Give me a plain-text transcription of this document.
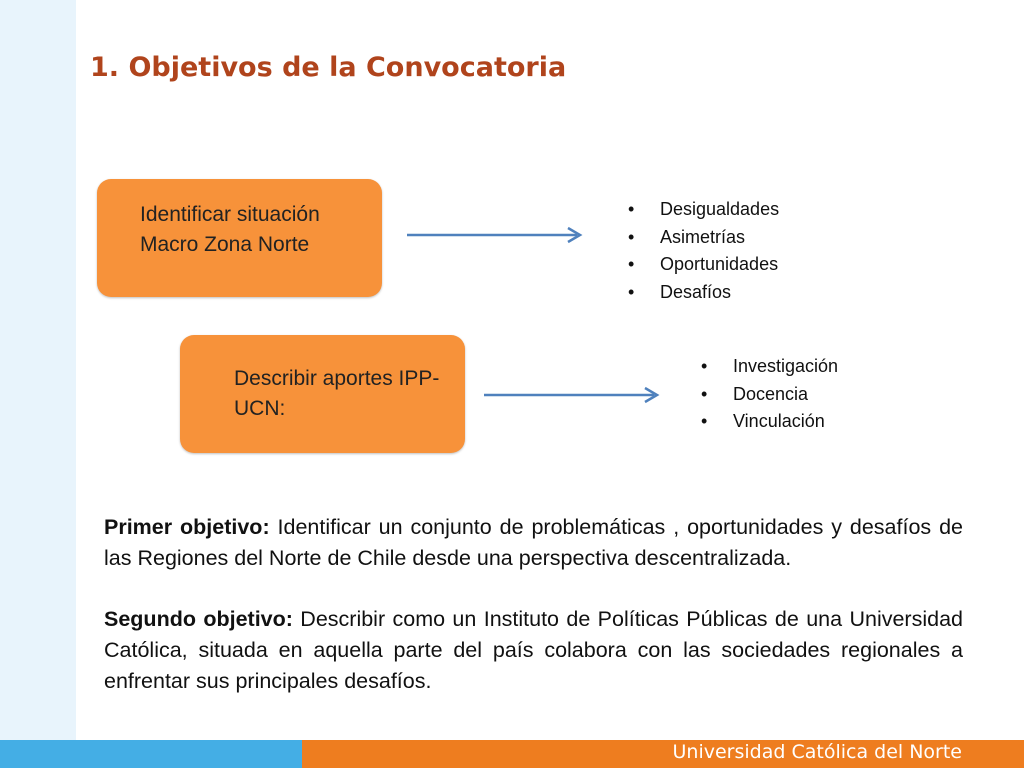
1. Objetivos de la Convocatoria
Identificar situación Macro Zona Norte
• Desigualdades
• Asimetrías
• Oportunidades
• Desafíos
Describir aportes IPP-UCN:
• Investigación
• Docencia
• Vinculación

Primer objetivo: Identificar un conjunto de problemáticas , oportunidades y desafíos de las Regiones del Norte de Chile desde una perspectiva descentralizada.

Segundo objetivo: Describir como un Instituto de Políticas Públicas de una Universidad Católica, situada en aquella parte del país colabora con las sociedades regionales a enfrentar sus principales desafíos.

Universidad Católica del Norte
